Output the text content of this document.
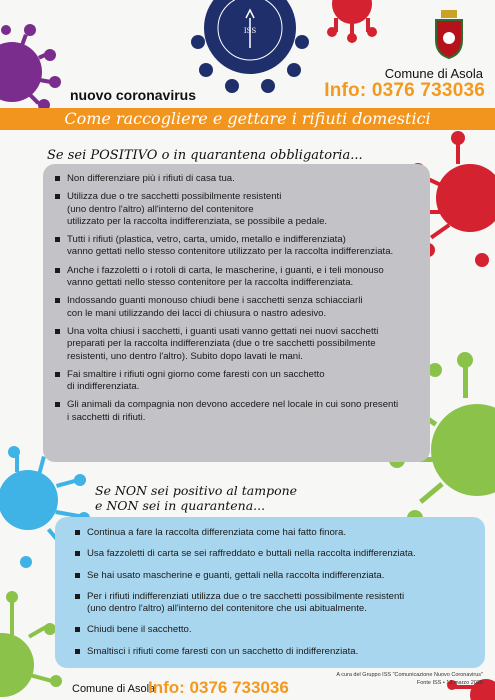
ISS
nuovo coronavirus
Comune di Asola
Info: 0376 733036
Come raccogliere e gettare i rifiuti domestici
Se sei POSITIVO o in quarantena obbligatoria...
Non differenziare più i rifiuti di casa tua.
Utilizza due o tre sacchetti possibilmente resistenti
(uno dentro l'altro) all'interno del contenitore
utilizzato per la raccolta indifferenziata, se possibile a pedale.
Tutti i rifiuti (plastica, vetro, carta, umido, metallo e indifferenziata)
vanno gettati nello stesso contenitore utilizzato per la raccolta indifferenziata.
Anche i fazzoletti o i rotoli di carta, le mascherine, i guanti, e i teli monouso
vanno gettati nello stesso contenitore per la raccolta indifferenziata.
Indossando guanti monouso chiudi bene i sacchetti senza schiacciarli
con le mani utilizzando dei lacci di chiusura o nastro adesivo.
Una volta chiusi i sacchetti, i guanti usati vanno gettati nei nuovi sacchetti
preparati per la raccolta indifferenziata (due o tre sacchetti possibilmente
resistenti, uno dentro l'altro). Subito dopo lavati le mani.
Fai smaltire i rifiuti ogni giorno come faresti con un sacchetto
di indifferenziata.
Gli animali da compagnia non devono accedere nel locale in cui sono presenti
i sacchetti di rifiuti.
Se NON sei positivo al tampone
e NON sei in quarantena...
Continua a fare la raccolta differenziata come hai fatto finora.
Usa fazzoletti di carta se sei raffreddato e buttali nella raccolta indifferenziata.
Se hai usato mascherine e guanti, gettali nella raccolta indifferenziata.
Per i rifiuti indifferenziati utilizza due o tre sacchetti possibilmente resistenti
(uno dentro l'altro) all'interno del contenitore che usi abitualmente.
Chiudi bene il sacchetto.
Smaltisci i rifiuti come faresti con un sacchetto di indifferenziata.
A cura del Gruppo ISS "Comunicazione Nuovo Coronavirus"
Fonte ISS • 13 marzo 2020
Comune di Asola
Info: 0376 733036
